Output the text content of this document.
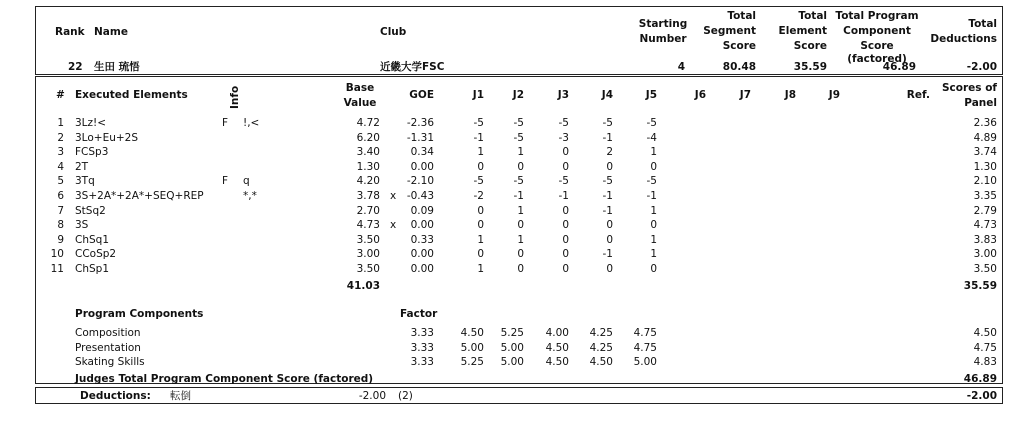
Rank Name	Club
Starting
Number
Total
Segment
Score
Total
Element
Score
Total Program
Component
Score
(factored)
Total
Deductions
22 生田 琉悟	近畿大学FSC	4	80.48	35.59	46.89	-2.00
# Executed Elements	Info	Base
Value
GOE	J1	J2	J3	J4	J5	J6	J7	J8	J9	Ref.
Scores of
Panel
1 3Lz!<	F !,<	4.72	-2.36	-5	-5	-5	-5	-5	2.36
2 3Lo+Eu+2S	6.20	-1.31	-1	-5	-3	-1	-4	4.89
3 FCSp3	3.40	0.34	1	1	0	2	1	3.74
4 2T	1.30	0.00	0	0	0	0	0	1.30
5 3Tq	F q	4.20	-2.10	-5	-5	-5	-5	-5	2.10
6 3S+2A*+2A*+SEQ+REP	*,*	3.78 x	-0.43	-2	-1	-1	-1	-1	3.35
7 StSq2	2.70	0.09	0	1	0	-1	1	2.79
8 3S	4.73 x	0.00	0	0	0	0	0	4.73
9 ChSq1	3.50	0.33	1	1	0	0	1	3.83
10 CCoSp2	3.00	0.00	0	0	0	-1	1	3.00
11 ChSp1	3.50	0.00	1	0	0	0	0	3.50
41.03	35.59
Program Components	Factor
Composition	3.33	4.50	5.25	4.00	4.25	4.75	4.50
Presentation	3.33	5.00	5.00	4.50	4.25	4.75	4.75
Skating Skills	3.33	5.25	5.00	4.50	4.50	5.00	4.83
Judges Total Program Component Score (factored)	46.89
Deductions: 転倒	-2.00 (2)	-2.00
